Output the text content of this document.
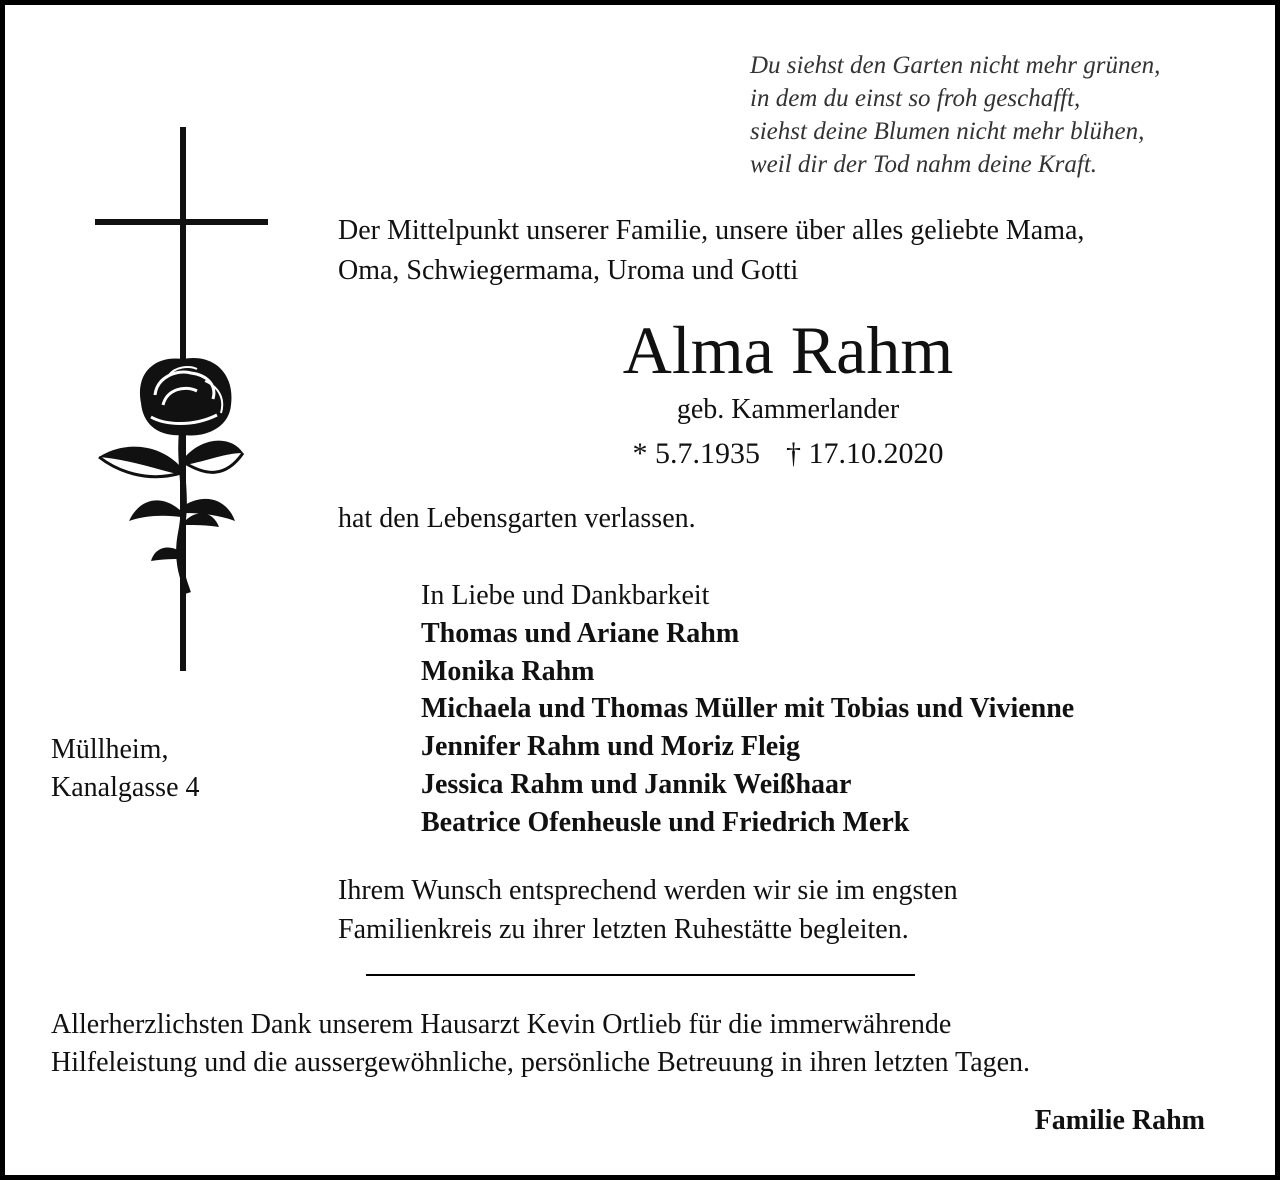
Du siehst den Garten nicht mehr grünen,
in dem du einst so froh geschafft,
siehst deine Blumen nicht mehr blühen,
weil dir der Tod nahm deine Kraft.
Der Mittelpunkt unserer Familie, unsere über alles geliebte Mama,
Oma, Schwiegermama, Uroma und Gotti
Alma Rahm
geb. Kammerlander
* 5.7.1935 † 17.10.2020
hat den Lebensgarten verlassen.
In Liebe und Dankbarkeit
Thomas und Ariane Rahm
Monika Rahm
Michaela und Thomas Müller mit Tobias und Vivienne
Jennifer Rahm und Moriz Fleig
Jessica Rahm und Jannik Weißhaar
Beatrice Ofenheusle und Friedrich Merk
Müllheim,
Kanalgasse 4
Ihrem Wunsch entsprechend werden wir sie im engsten
Familienkreis zu ihrer letzten Ruhestätte begleiten.
Allerherzlichsten Dank unserem Hausarzt Kevin Ortlieb für die immerwährende
Hilfeleistung und die aussergewöhnliche, persönliche Betreuung in ihren letzten Tagen.
Familie Rahm
